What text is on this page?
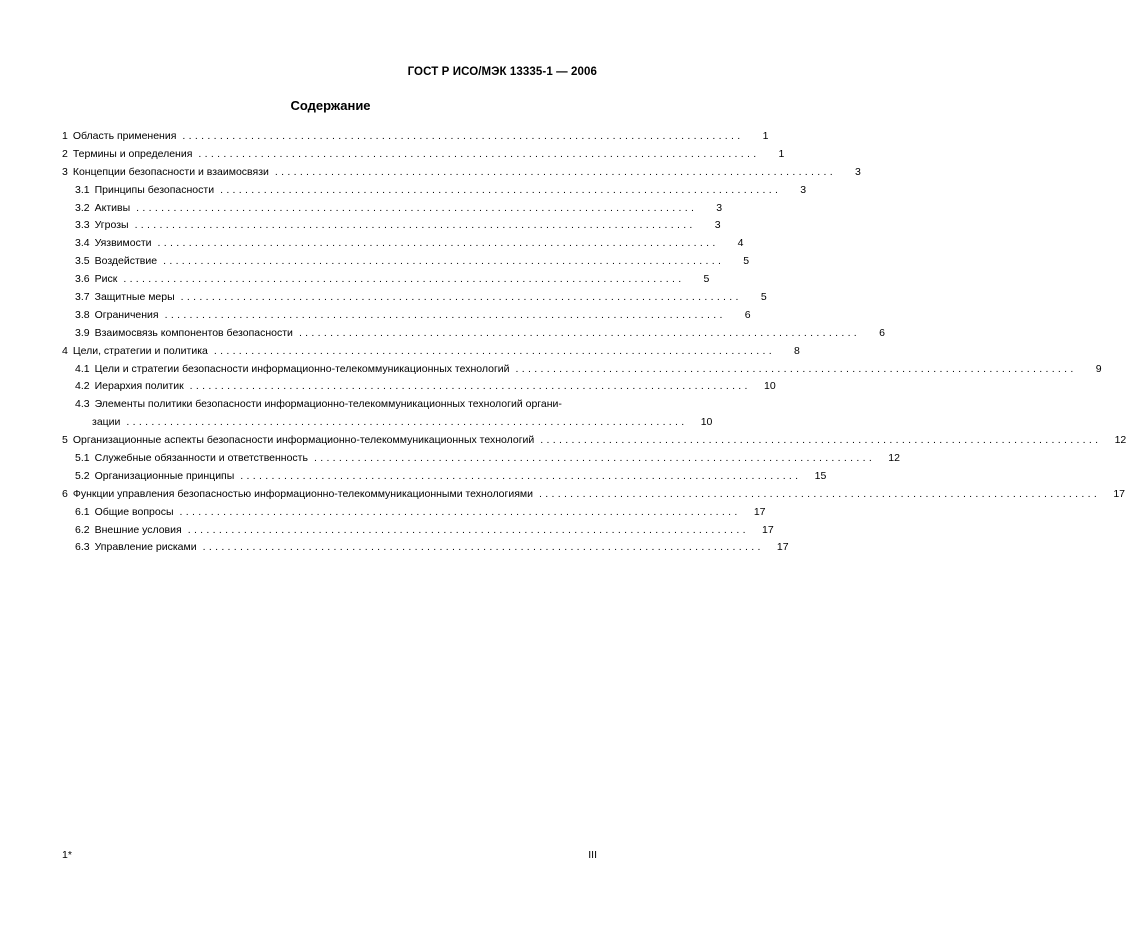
ГОСТ Р ИСО/МЭК 13335-1 — 2006
Содержание
1 Область применения . . .	1
2 Термины и определения . . .	1
3 Концепции безопасности и взаимосвязи . . .	3
3.1 Принципы безопасности . . .	3
3.2 Активы . . .	3
3.3 Угрозы . . .	3
3.4 Уязвимости . . .	4
3.5 Воздействие . . .	5
3.6 Риск . . .	5
3.7 Защитные меры . . .	5
3.8 Ограничения . . .	6
3.9 Взаимосвязь компонентов безопасности . . .	6
4 Цели, стратегии и политика . . .	8
4.1 Цели и стратегии безопасности информационно-телекоммуникационных технологий . . .	9
4.2 Иерархия политик . . .	10
4.3 Элементы политики безопасности информационно-телекоммуникационных технологий органи-
зации . . .	10
5 Организационные аспекты безопасности информационно-телекоммуникационных технологий . . .	12
5.1 Служебные обязанности и ответственность . . .	12
5.2 Организационные принципы . . .	15
6 Функции управления безопасностью информационно-телекоммуникационными технологиями . . .	17
6.1 Общие вопросы . . .	17
6.2 Внешние условия . . .	17
6.3 Управление рисками . . .	17
1*	III
